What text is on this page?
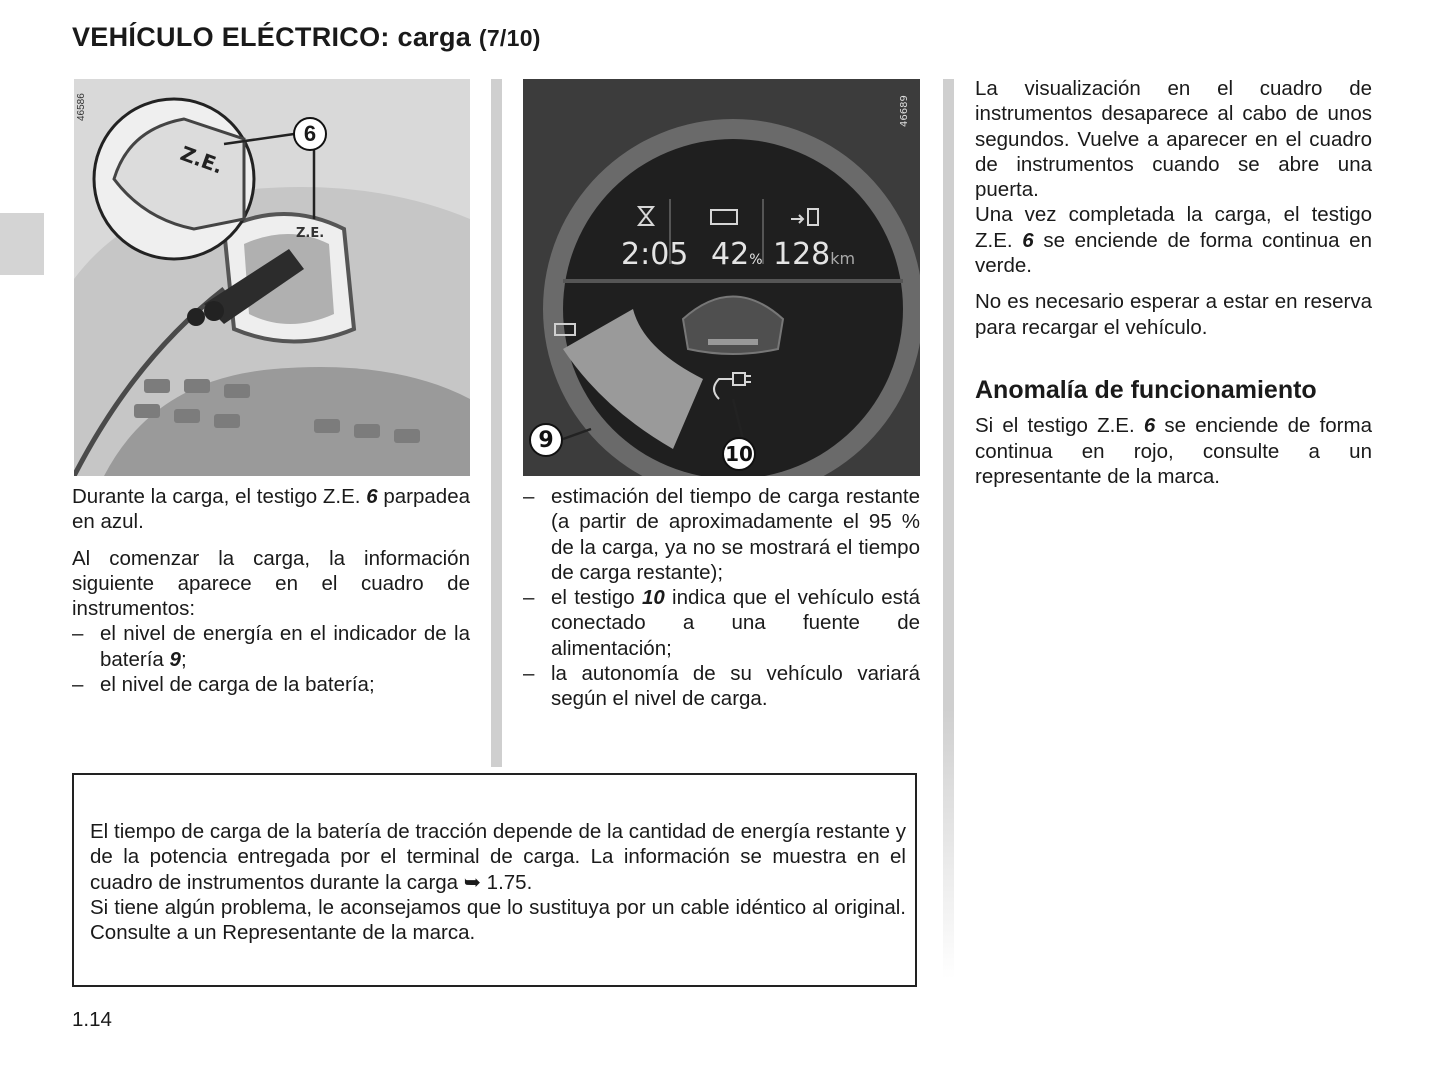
VEHÍCULO ELÉCTRICO: carga (7/10)
Z.E.
Z.E.
46586
6
2:05 42% 128km
46689
9
10

Durante la carga, el testigo Z.E. 6 parpadea en azul.

Al comenzar la carga, la información siguiente aparece en el cuadro de instrumentos:

– el nivel de energía en el indicador de la batería 9;
– el nivel de carga de la batería;
– estimación del tiempo de carga restante (a partir de aproximadamente el 95 % de la carga, ya no se mostrará el tiempo de carga restante);
– el testigo 10 indica que el vehículo está conectado a una fuente de alimentación;
– la autonomía de su vehículo variará según el nivel de carga.

La visualización en el cuadro de instrumentos desaparece al cabo de unos segundos. Vuelve a aparecer en el cuadro de instrumentos cuando se abre una puerta.

Una vez completada la carga, el testigo Z.E. 6 se enciende de forma continua en verde.

No es necesario esperar a estar en reserva para recargar el vehículo.

Anomalía de funcionamiento

Si el testigo Z.E. 6 se enciende de forma continua en rojo, consulte a un representante de la marca.

El tiempo de carga de la batería de tracción depende de la cantidad de energía restante y de la potencia entregada por el terminal de carga. La información se muestra en el cuadro de instrumentos durante la carga ➥ 1.75.

Si tiene algún problema, le aconsejamos que lo sustituya por un cable idéntico al original. Consulte a un Representante de la marca.

1.14
